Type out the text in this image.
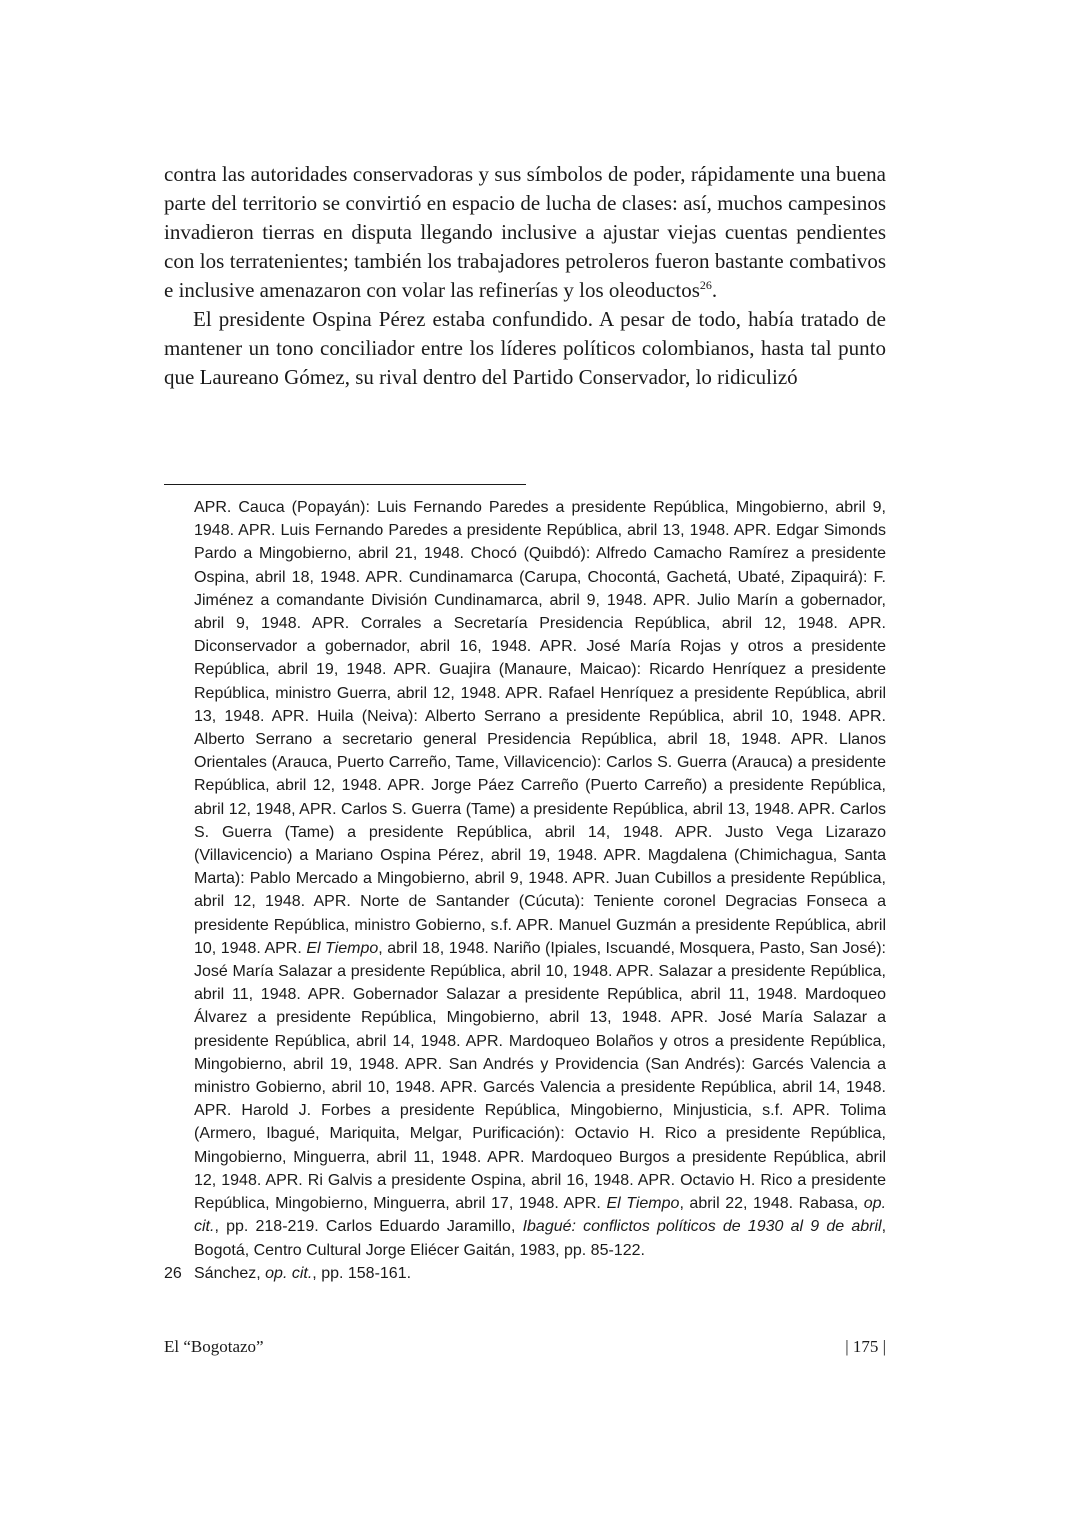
contra las autoridades conservadoras y sus símbolos de poder, rápidamente una buena parte del territorio se convirtió en espacio de lucha de clases: así, muchos campesinos invadieron tierras en disputa llegando inclusive a ajustar viejas cuentas pendientes con los terratenientes; también los trabajadores petroleros fueron bastante combativos e inclusive amenazaron con volar las refinerías y los oleoductos$^{26}$.

El presidente Ospina Pérez estaba confundido. A pesar de todo, había tratado de mantener un tono conciliador entre los líderes políticos colombianos, hasta tal punto que Laureano Gómez, su rival dentro del Partido Conservador, lo ridiculizó

APR. Cauca (Popayán): Luis Fernando Paredes a presidente República, Mingobierno, abril 9, 1948. APR. Luis Fernando Paredes a presidente República, abril 13, 1948. APR. Edgar Simonds Pardo a Mingobierno, abril 21, 1948. Chocó (Quibdó): Alfredo Camacho Ramírez a presidente Ospina, abril 18, 1948. APR. Cundinamarca (Carupa, Chocontá, Gachetá, Ubaté, Zipaquirá): F. Jiménez a comandante División Cundinamarca, abril 9, 1948. APR. Julio Marín a gobernador, abril 9, 1948. APR. Corrales a Secretaría Presidencia República, abril 12, 1948. APR. Diconservador a gobernador, abril 16, 1948. APR. José María Rojas y otros a presidente República, abril 19, 1948. APR. Guajira (Manaure, Maicao): Ricardo Henríquez a presidente República, ministro Guerra, abril 12, 1948. APR. Rafael Henríquez a presidente República, abril 13, 1948. APR. Huila (Neiva): Alberto Serrano a presidente República, abril 10, 1948. APR. Alberto Serrano a secretario general Presidencia República, abril 18, 1948. APR. Llanos Orientales (Arauca, Puerto Carreño, Tame, Villavicencio): Carlos S. Guerra (Arauca) a presidente República, abril 12, 1948. APR. Jorge Páez Carreño (Puerto Carreño) a presidente República, abril 12, 1948, APR. Carlos S. Guerra (Tame) a presidente República, abril 13, 1948. APR. Carlos S. Guerra (Tame) a presidente República, abril 14, 1948. APR. Justo Vega Lizarazo (Villavicencio) a Mariano Ospina Pérez, abril 19, 1948. APR. Magdalena (Chimichagua, Santa Marta): Pablo Mercado a Mingobierno, abril 9, 1948. APR. Juan Cubillos a presidente República, abril 12, 1948. APR. Norte de Santander (Cúcuta): Teniente coronel Degracias Fonseca a presidente República, ministro Gobierno, s.f. APR. Manuel Guzmán a presidente República, abril 10, 1948. APR. El Tiempo, abril 18, 1948. Nariño (Ipiales, Iscuandé, Mosquera, Pasto, San José): José María Salazar a presidente República, abril 10, 1948. APR. Salazar a presidente República, abril 11, 1948. APR. Gobernador Salazar a presidente República, abril 11, 1948. Mardoqueo Álvarez a presidente República, Mingobierno, abril 13, 1948. APR. José María Salazar a presidente República, abril 14, 1948. APR. Mardoqueo Bolaños y otros a presidente República, Mingobierno, abril 19, 1948. APR. San Andrés y Providencia (San Andrés): Garcés Valencia a ministro Gobierno, abril 10, 1948. APR. Garcés Valencia a presidente República, abril 14, 1948. APR. Harold J. Forbes a presidente República, Mingobierno, Minjusticia, s.f. APR. Tolima (Armero, Ibagué, Mariquita, Melgar, Purificación): Octavio H. Rico a presidente República, Mingobierno, Minguerra, abril 11, 1948. APR. Mardoqueo Burgos a presidente República, abril 12, 1948. APR. Ri Galvis a presidente Ospina, abril 16, 1948. APR. Octavio H. Rico a presidente República, Mingobierno, Minguerra, abril 17, 1948. APR. El Tiempo, abril 22, 1948. Rabasa, op. cit., pp. 218-219. Carlos Eduardo Jaramillo, Ibagué: conflictos políticos de 1930 al 9 de abril, Bogotá, Centro Cultural Jorge Eliécer Gaitán, 1983, pp. 85-122.

26 Sánchez, op. cit., pp. 158-161.

El “Bogotazo”	| 175 |
